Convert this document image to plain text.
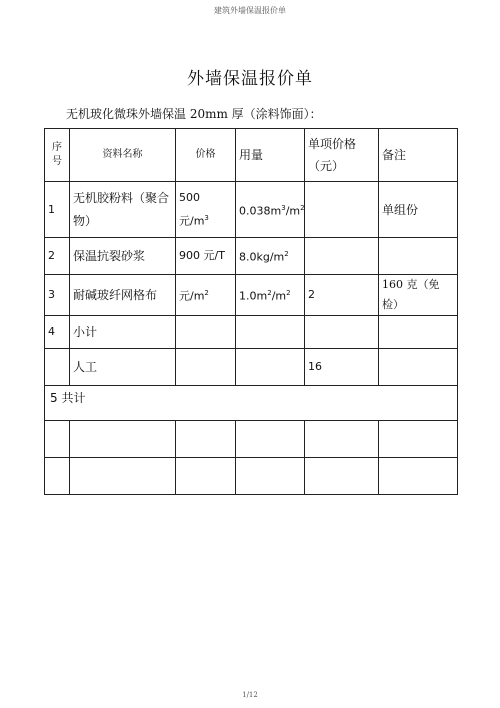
建筑外墙保温报价单
外墙保温报价单
无机玻化微珠外墙保温 20mm 厚（涂料饰面）：
序号	资料名称	价格	用量	单项价格（元）	备注
1	无机胶粉料（聚合物）	500 元$/m^3$	$0.038m^3/m^2$		单组份
2	保温抗裂砂浆	900 元/T	$8.0kg/m^2$		
3	耐碱玻纤网格布	元$/m^2$	$1.0m^2/m^2$	2	160 克（免检）
4	小计				
	人工			16	
5 共计					

1/12
